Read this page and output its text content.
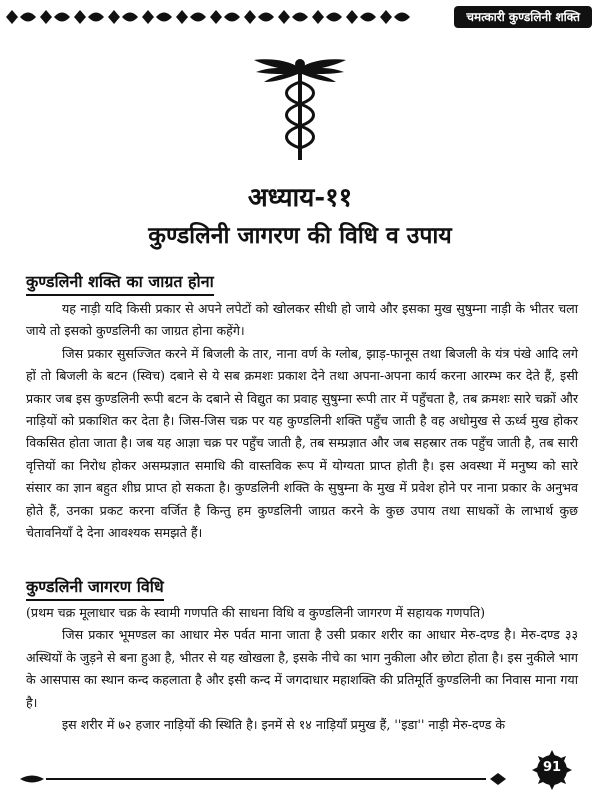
चमत्कारी कुण्डलिनी शक्ति
अध्याय-११
कुण्डलिनी जागरण की विधि व उपाय
कुण्डलिनी शक्ति का जाग्रत होना

यह नाड़ी यदि किसी प्रकार से अपने लपेटों को खोलकर सीधी हो जाये और इसका मुख सुषुम्ना नाड़ी के भीतर चला जाये तो इसको कुण्डलिनी का जाग्रत होना कहेंगे।

जिस प्रकार सुसज्जित करने में बिजली के तार, नाना वर्ण के ग्लोब, झाड़-फानूस तथा बिजली के यंत्र पंखे आदि लगे हों तो बिजली के बटन (स्विच) दबाने से ये सब क्रमशः प्रकाश देने तथा अपना-अपना कार्य करना आरम्भ कर देते हैं, इसी प्रकार जब इस कुण्डलिनी रूपी बटन के दबाने से विद्युत का प्रवाह सुषुम्ना रूपी तार में पहुँचता है, तब क्रमशः सारे चक्रों और नाड़ियों को प्रकाशित कर देता है। जिस-जिस चक्र पर यह कुण्डलिनी शक्ति पहुँच जाती है वह अधोमुख से ऊर्ध्व मुख होकर विकसित होता जाता है। जब यह आज्ञा चक्र पर पहुँच जाती है, तब सम्प्रज्ञात और जब सहस्रार तक पहुँच जाती है, तब सारी वृत्तियों का निरोध होकर असम्प्रज्ञात समाधि की वास्तविक रूप में योग्यता प्राप्त होती है। इस अवस्था में मनुष्य को सारे संसार का ज्ञान बहुत शीघ्र प्राप्त हो सकता है। कुण्डलिनी शक्ति के सुषुम्ना के मुख में प्रवेश होने पर नाना प्रकार के अनुभव होते हैं, उनका प्रकट करना वर्जित है किन्तु हम कुण्डलिनी जाग्रत करने के कुछ उपाय तथा साधकों के लाभार्थ कुछ चेतावनियाँ दे देना आवश्यक समझते हैं।

कुण्डलिनी जागरण विधि

(प्रथम चक्र मूलाधार चक्र के स्वामी गणपति की साधना विधि व कुण्डलिनी जागरण में सहायक गणपति)

जिस प्रकार भूमण्डल का आधार मेरु पर्वत माना जाता है उसी प्रकार शरीर का आधार मेरु-दण्ड है। मेरु-दण्ड ३३ अस्थियों के जुड़ने से बना हुआ है, भीतर से यह खोखला है, इसके नीचे का भाग नुकीला और छोटा होता है। इस नुकीले भाग के आसपास का स्थान कन्द कहलाता है और इसी कन्द में जगदाधार महाशक्ति की प्रतिमूर्ति कुण्डलिनी का निवास माना गया है।

इस शरीर में ७२ हजार नाड़ियों की स्थिति है। इनमें से १४ नाड़ियाँ प्रमुख हैं, ''इडा'' नाड़ी मेरु-दण्ड के

91
